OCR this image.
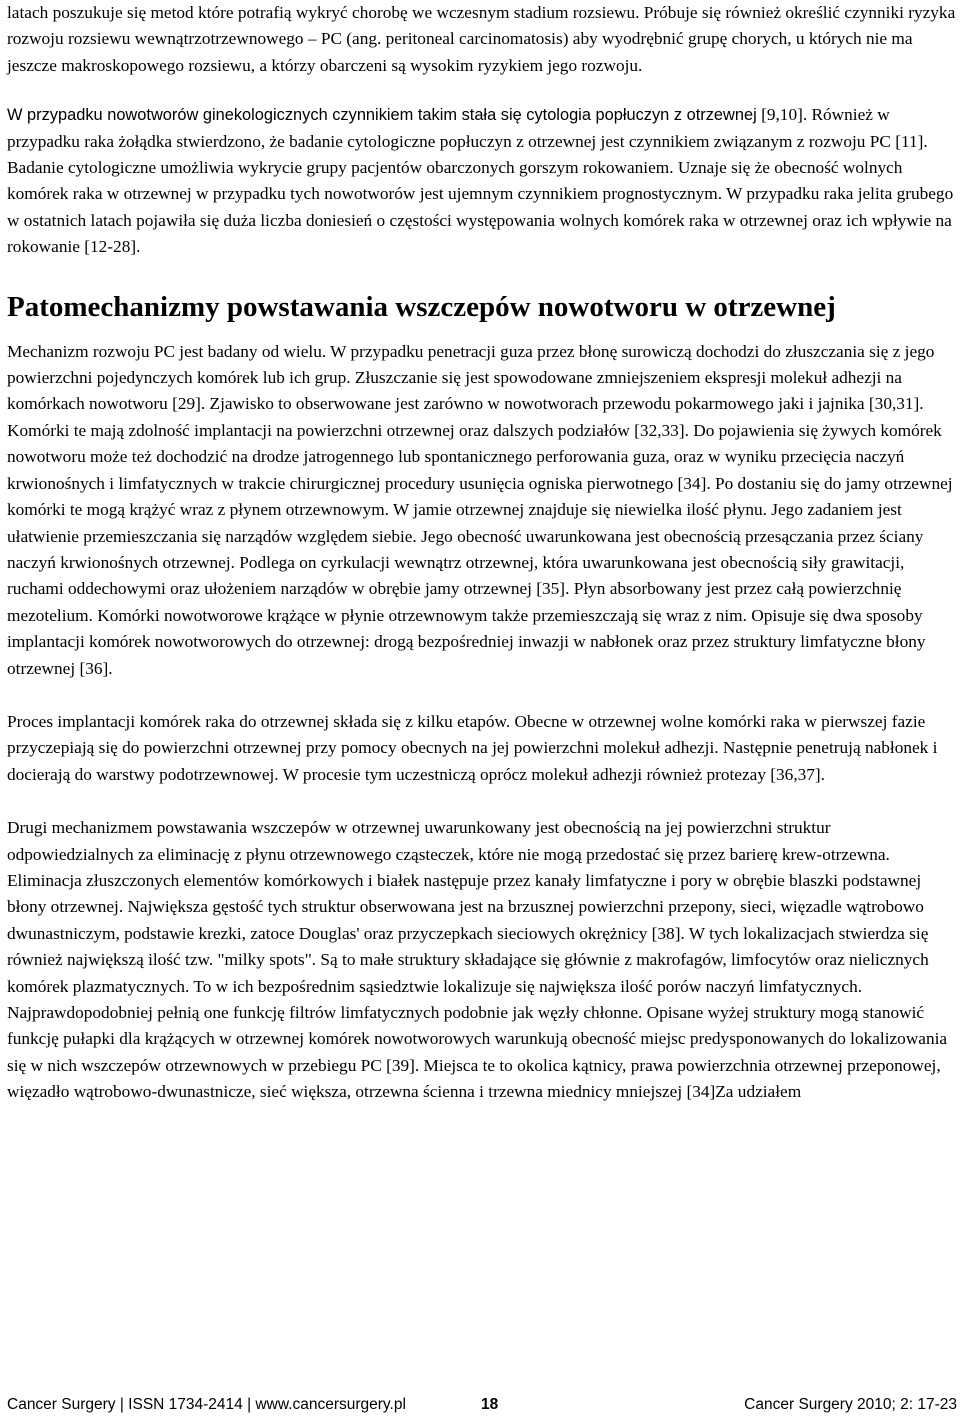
latach poszukuje się metod które potrafią wykryć chorobę we wczesnym stadium rozsiewu. Próbuje się również określić czynniki ryzyka rozwoju rozsiewu wewnątrzotrzewnowego – PC (ang. peritoneal carcinomatosis) aby wyodrębnić grupę chorych, u których nie ma jeszcze makroskopowego rozsiewu, a którzy obarczeni są wysokim ryzykiem jego rozwoju.

W przypadku nowotworów ginekologicznych czynnikiem takim stała się cytologia popłuczyn z otrzewnej [9,10]. Również w przypadku raka żołądka stwierdzono, że badanie cytologiczne popłuczyn z otrzewnej jest czynnikiem związanym z rozwoju PC [11]. Badanie cytologiczne umożliwia wykrycie grupy pacjentów obarczonych gorszym rokowaniem. Uznaje się że obecność wolnych komórek raka w otrzewnej w przypadku tych nowotworów jest ujemnym czynnikiem prognostycznym. W przypadku raka jelita grubego w ostatnich latach pojawiła się duża liczba doniesień o częstości występowania wolnych komórek raka w otrzewnej oraz ich wpływie na rokowanie [12-28].

Patomechanizmy powstawania wszczepów nowotworu w otrzewnej

Mechanizm rozwoju PC jest badany od wielu. W przypadku penetracji guza przez błonę surowiczą dochodzi do złuszczania się z jego powierzchni pojedynczych komórek lub ich grup. Złuszczanie się jest spowodowane zmniejszeniem ekspresji molekuł adhezji na komórkach nowotworu [29]. Zjawisko to obserwowane jest zarówno w nowotworach przewodu pokarmowego jaki i jajnika [30,31]. Komórki te mają zdolność implantacji na powierzchni otrzewnej oraz dalszych podziałów [32,33]. Do pojawienia się żywych komórek nowotworu może też dochodzić na drodze jatrogennego lub spontanicznego perforowania guza, oraz w wyniku przecięcia naczyń krwionośnych i limfatycznych w trakcie chirurgicznej procedury usunięcia ogniska pierwotnego [34]. Po dostaniu się do jamy otrzewnej komórki te mogą krążyć wraz z płynem otrzewnowym. W jamie otrzewnej znajduje się niewielka ilość płynu. Jego zadaniem jest ułatwienie przemieszczania się narządów względem siebie. Jego obecność uwarunkowana jest obecnością przesączania przez ściany naczyń krwionośnych otrzewnej. Podlega on cyrkulacji wewnątrz otrzewnej, która uwarunkowana jest obecnością siły grawitacji, ruchami oddechowymi oraz ułożeniem narządów w obrębie jamy otrzewnej [35]. Płyn absorbowany jest przez całą powierzchnię mezotelium. Komórki nowotworowe krążące w płynie otrzewnowym także przemieszczają się wraz z nim. Opisuje się dwa sposoby implantacji komórek nowotworowych do otrzewnej: drogą bezpośredniej inwazji w nabłonek oraz przez struktury limfatyczne błony otrzewnej [36].

Proces implantacji komórek raka do otrzewnej składa się z kilku etapów. Obecne w otrzewnej wolne komórki raka w pierwszej fazie przyczepiają się do powierzchni otrzewnej przy pomocy obecnych na jej powierzchni molekuł adhezji. Następnie penetrują nabłonek i docierają do warstwy podotrzewnowej. W procesie tym uczestniczą oprócz molekuł adhezji również protezay [36,37].

Drugi mechanizmem powstawania wszczepów w otrzewnej uwarunkowany jest obecnością na jej powierzchni struktur odpowiedzialnych za eliminację z płynu otrzewnowego cząsteczek, które nie mogą przedostać się przez barierę krew-otrzewna. Eliminacja złuszczonych elementów komórkowych i białek następuje przez kanały limfatyczne i pory w obrębie blaszki podstawnej błony otrzewnej. Największa gęstość tych struktur obserwowana jest na brzusznej powierzchni przepony, sieci, więzadle wątrobowo dwunastniczym, podstawie krezki, zatoce Douglas' oraz przyczepkach sieciowych okrężnicy [38]. W tych lokalizacjach stwierdza się również największą ilość tzw. "milky spots". Są to małe struktury składające się głównie z makrofagów, limfocytów oraz nielicznych komórek plazmatycznych. To w ich bezpośrednim sąsiedztwie lokalizuje się największa ilość porów naczyń limfatycznych.

Najprawdopodobniej pełnią one funkcję filtrów limfatycznych podobnie jak węzły chłonne. Opisane wyżej struktury mogą stanowić funkcję pułapki dla krążących w otrzewnej komórek nowotworowych warunkują obecność miejsc predysponowanych do lokalizowania się w nich wszczepów otrzewnowych w przebiegu PC [39]. Miejsca te to okolica kątnicy, prawa powierzchnia otrzewnej przeponowej, więzadło wątrobowo-dwunastnicze, sieć większa, otrzewna ścienna i trzewna miednicy mniejszej [34]Za udziałem

Cancer Surgery | ISSN 1734-2414 | www.cancersurgery.pl	18	Cancer Surgery 2010; 2: 17-23
